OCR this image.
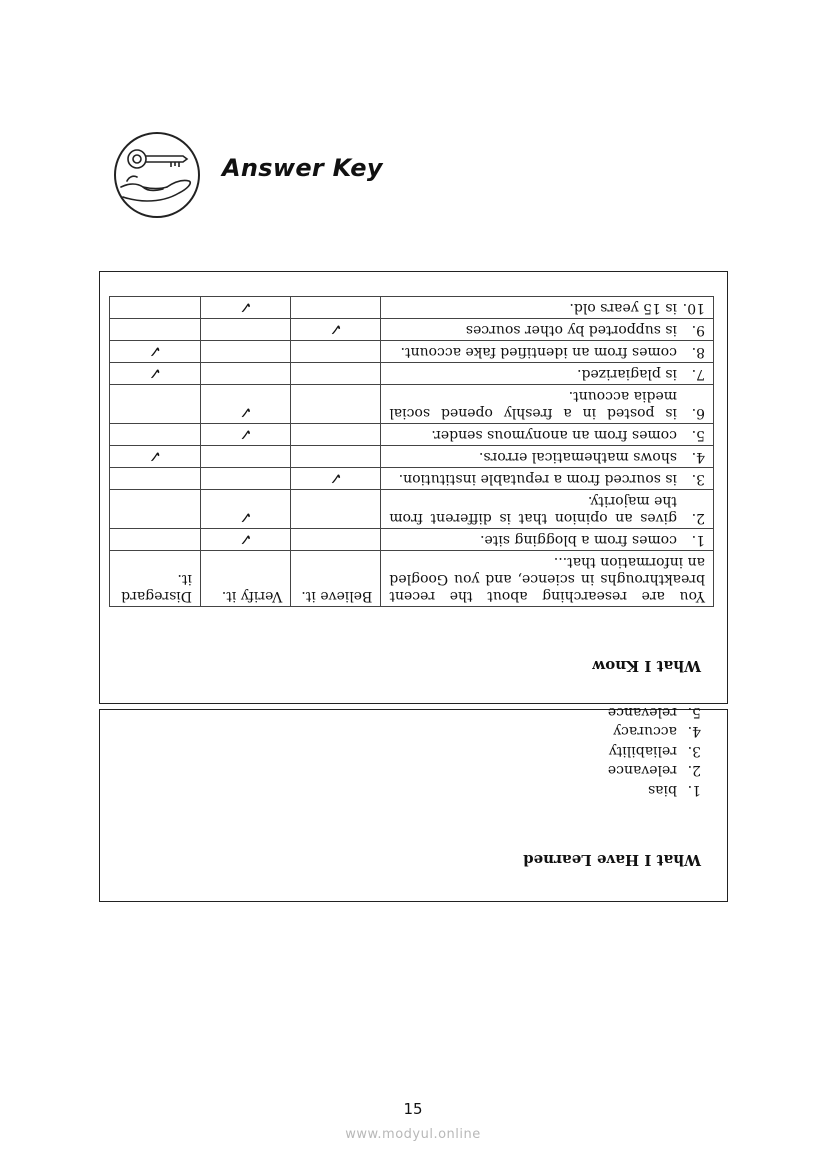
Answer Key
What I Know
You are researching about the recent breakthroughs in science, and you Googled an information that...	Believe it.	Verify it.	Disregard it.

1.
comes from a blogging site.		✓	

2.
gives an opinion that is different from the majority.		✓	

3.
is sourced from a reputable institution.	✓		

4.
shows mathematical errors.			✓

5.
comes from an anonymous sender.		✓	

6.
is posted in a freshly opened social media account.		✓	

7.
is plagiarized.			✓

8.
comes from an identified fake account.			✓

9.
is supported by other sources	✓		

10.
is 15 years old.		✓	
What I Have Learned
1.
bias
2.
relevance
3.
reliability
4.
accuracy
5.
relevance
15
www.modyul.online
